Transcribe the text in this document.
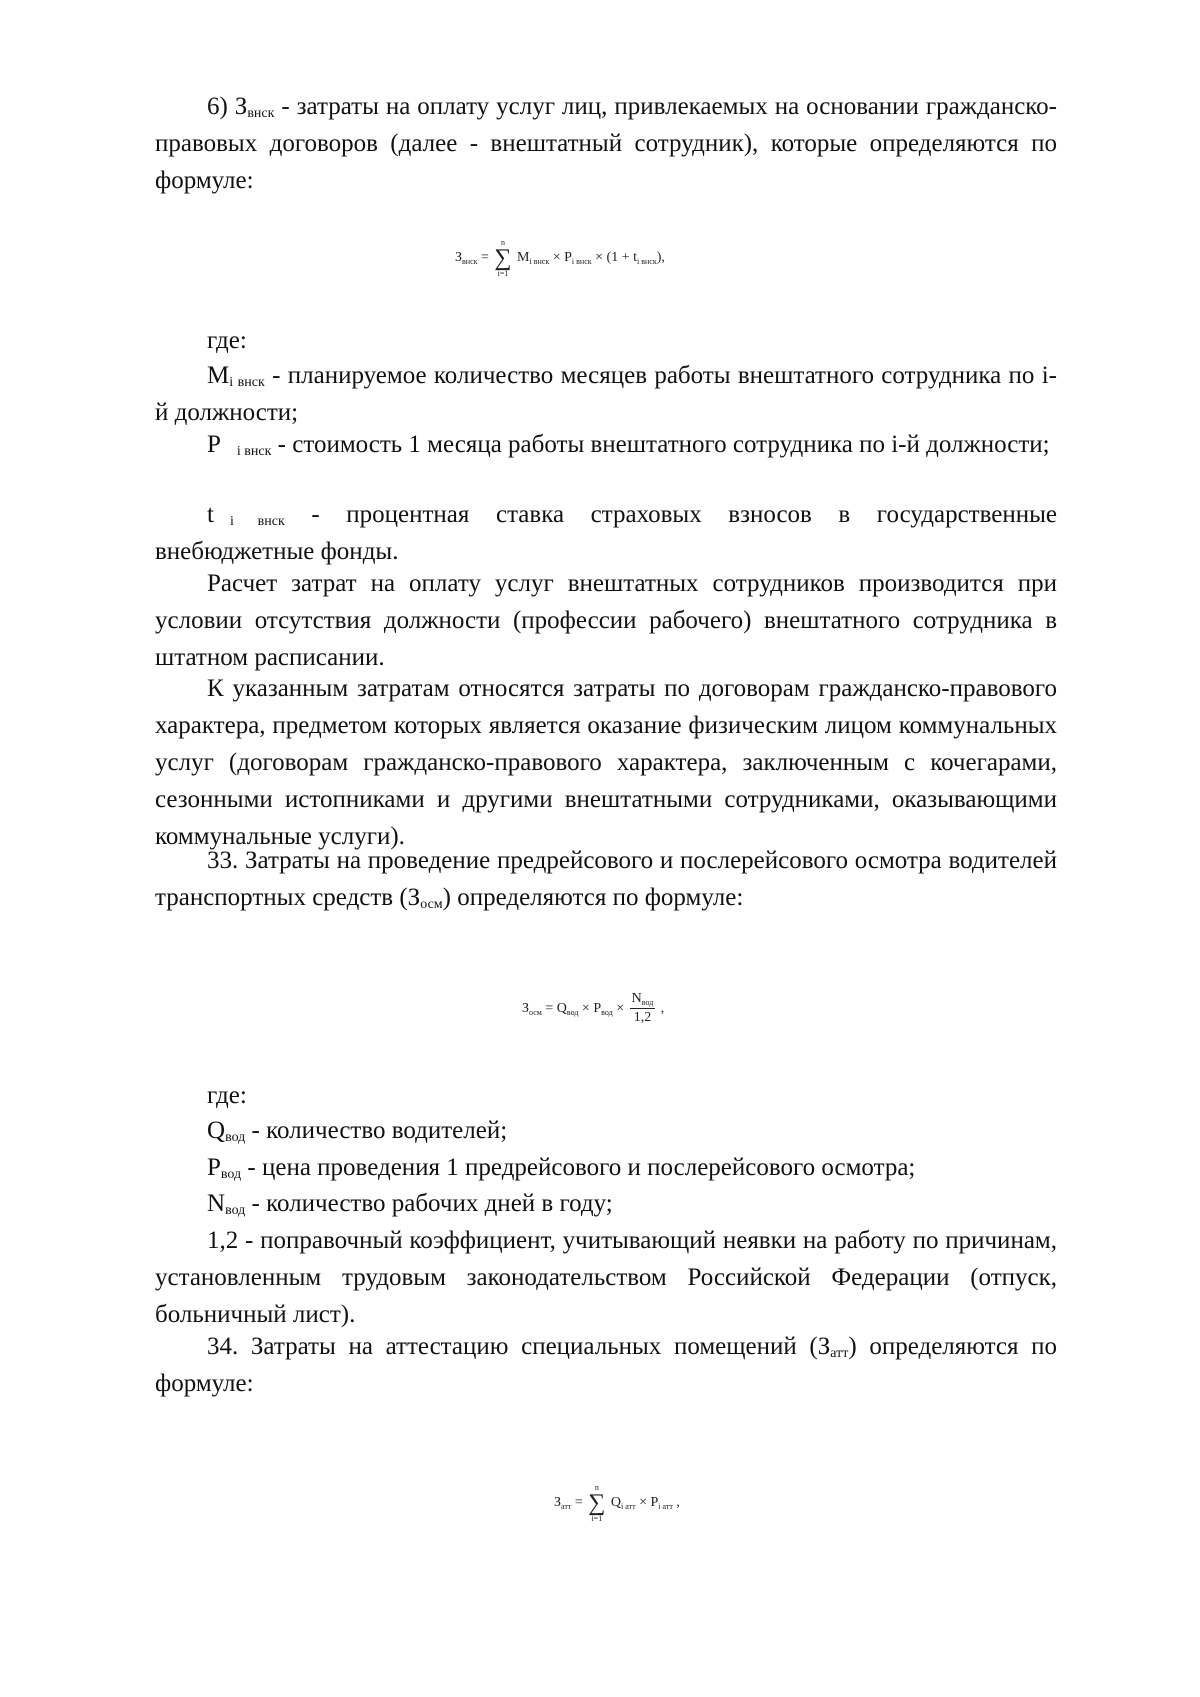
6) $З_{внск}$ - затраты на оплату услуг лиц, привлекаемых на основании гражданско-правовых договоров (далее - внештатный сотрудник), которые определяются по формуле:

$З_{внск}$ =
n
∑
i=1
$M_{i внск} \times P_{i внск} \times (1 + t_{i внск})$,

где:

$М_{i внск}$ - планируемое количество месяцев работы внештатного сотрудника по i-й должности;

Р $_{i внск}$ - стоимость 1 месяца работы внештатного сотрудника по i-й должности;

t $_{i внск}$ - процентная ставка страховых взносов в государственные внебюджетные фонды.

Расчет затрат на оплату услуг внештатных сотрудников производится при условии отсутствия должности (профессии рабочего) внештатного сотрудника в штатном расписании.

К указанным затратам относятся затраты по договорам гражданско-правового характера, предметом которых является оказание физическим лицом коммунальных услуг (договорам гражданско-правового характера, заключенным с кочегарами, сезонными истопниками и другими внештатными сотрудниками, оказывающими коммунальные услуги).

33. Затраты на проведение предрейсового и послерейсового осмотра водителей транспортных средств $(З_{осм})$ определяются по формуле:

$З_{осм} = Q_{вод} \times P_{вод} \times \frac{N_{вод}}{1,2}$ ,

где:

$Q_{вод}$ - количество водителей;

$Р_{вод}$ - цена проведения 1 предрейсового и послерейсового осмотра;

$N_{вод}$ - количество рабочих дней в году;

1,2 - поправочный коэффициент, учитывающий неявки на работу по причинам, установленным трудовым законодательством Российской Федерации (отпуск, больничный лист).

34. Затраты на аттестацию специальных помещений $(З_{атт})$ определяются по формуле:

$З_{атт}$ =
n
∑
i=1
$Q_{i атт} \times P_{i атт}$ ,
